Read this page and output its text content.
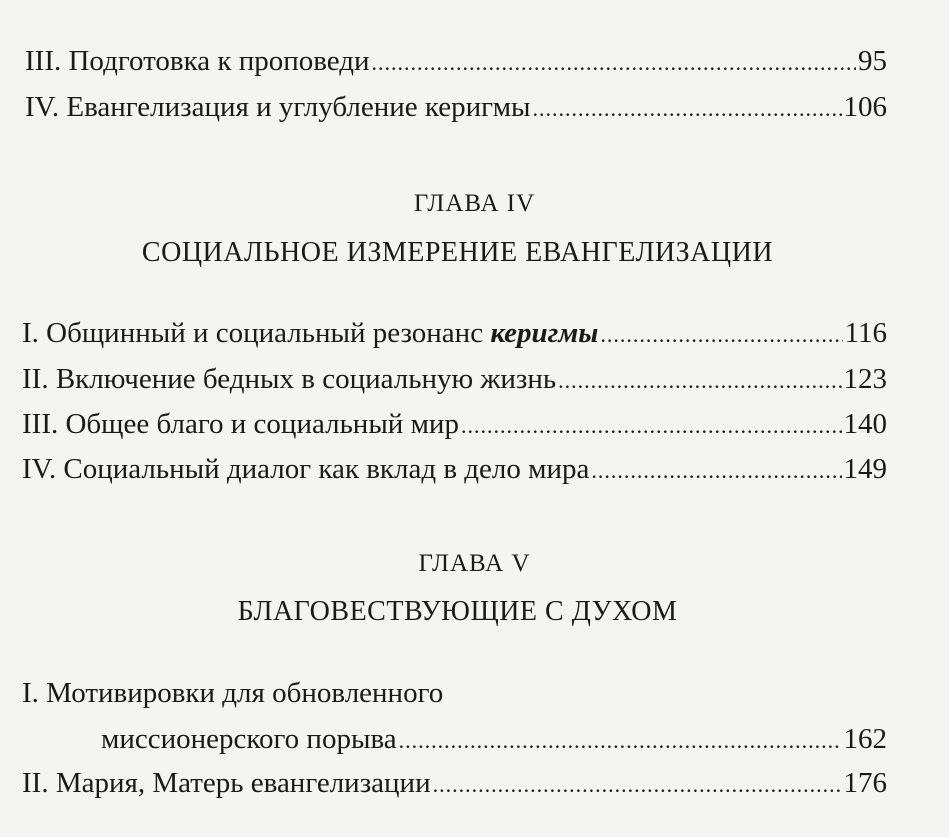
III. Подготовка к проповеди .....	95
IV. Евангелизация и углубление керигмы .....	106
ГЛАВА IV
СОЦИАЛЬНОЕ ИЗМЕРЕНИЕ ЕВАНГЕЛИЗАЦИИ
I. Общинный и социальный резонанс керигмы .....	116
II. Включение бедных в социальную жизнь .....	123
III. Общее благо и социальный мир .....	140
IV. Социальный диалог как вклад в дело мира .....	149
ГЛАВА V
БЛАГОВЕСТВУЮЩИЕ С ДУХОМ
I. Мотивировки для обновленного
миссионерского порыва .....	162
II. Мария, Матерь евангелизации .....	176
